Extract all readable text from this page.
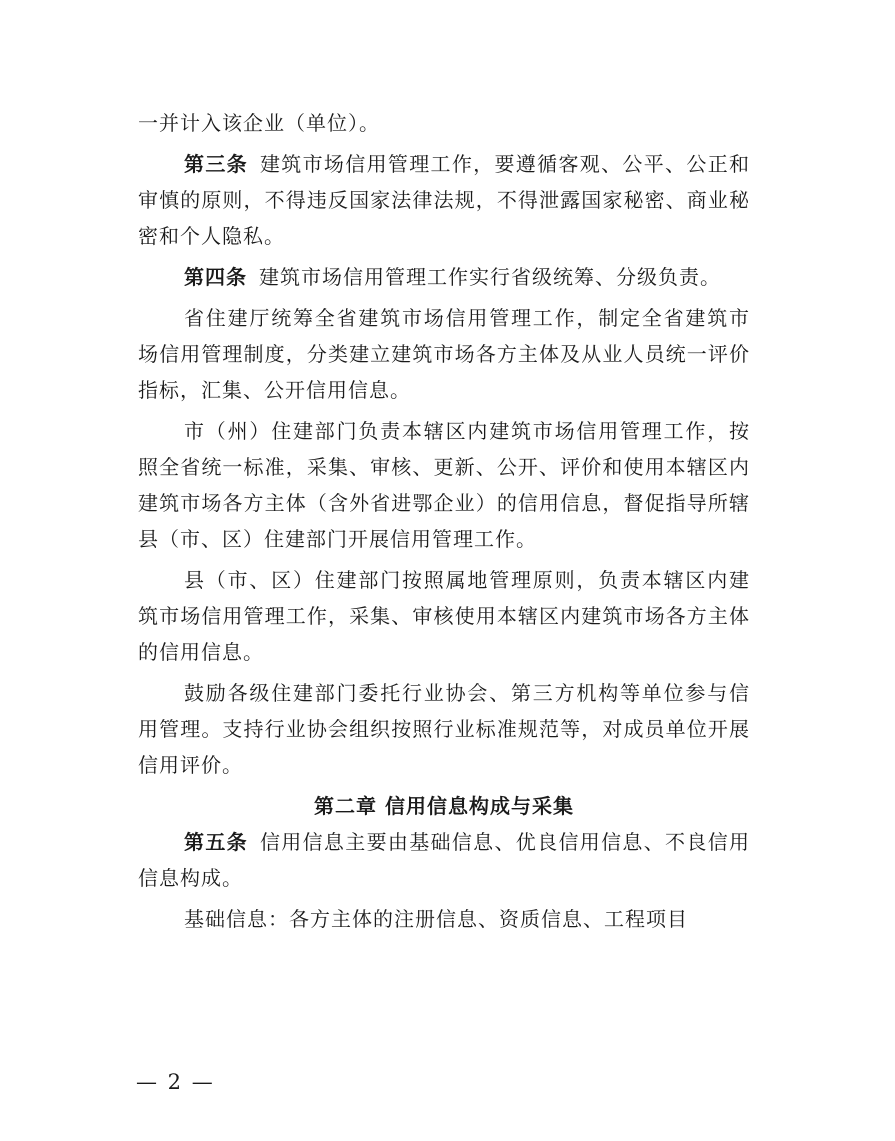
一并计入该企业（单位）。

第三条 建筑市场信用管理工作，要遵循客观、公平、公正和审慎的原则，不得违反国家法律法规，不得泄露国家秘密、商业秘密和个人隐私。

第四条 建筑市场信用管理工作实行省级统筹、分级负责。

省住建厅统筹全省建筑市场信用管理工作，制定全省建筑市场信用管理制度，分类建立建筑市场各方主体及从业人员统一评价指标，汇集、公开信用信息。

市（州）住建部门负责本辖区内建筑市场信用管理工作，按照全省统一标准，采集、审核、更新、公开、评价和使用本辖区内建筑市场各方主体（含外省进鄂企业）的信用信息，督促指导所辖县（市、区）住建部门开展信用管理工作。

县（市、区）住建部门按照属地管理原则，负责本辖区内建筑市场信用管理工作，采集、审核使用本辖区内建筑市场各方主体的信用信息。

鼓励各级住建部门委托行业协会、第三方机构等单位参与信用管理。支持行业协会组织按照行业标准规范等，对成员单位开展信用评价。

第二章 信用信息构成与采集

第五条 信用信息主要由基础信息、优良信用信息、不良信用信息构成。

基础信息：各方主体的注册信息、资质信息、工程项目

— 2 —
